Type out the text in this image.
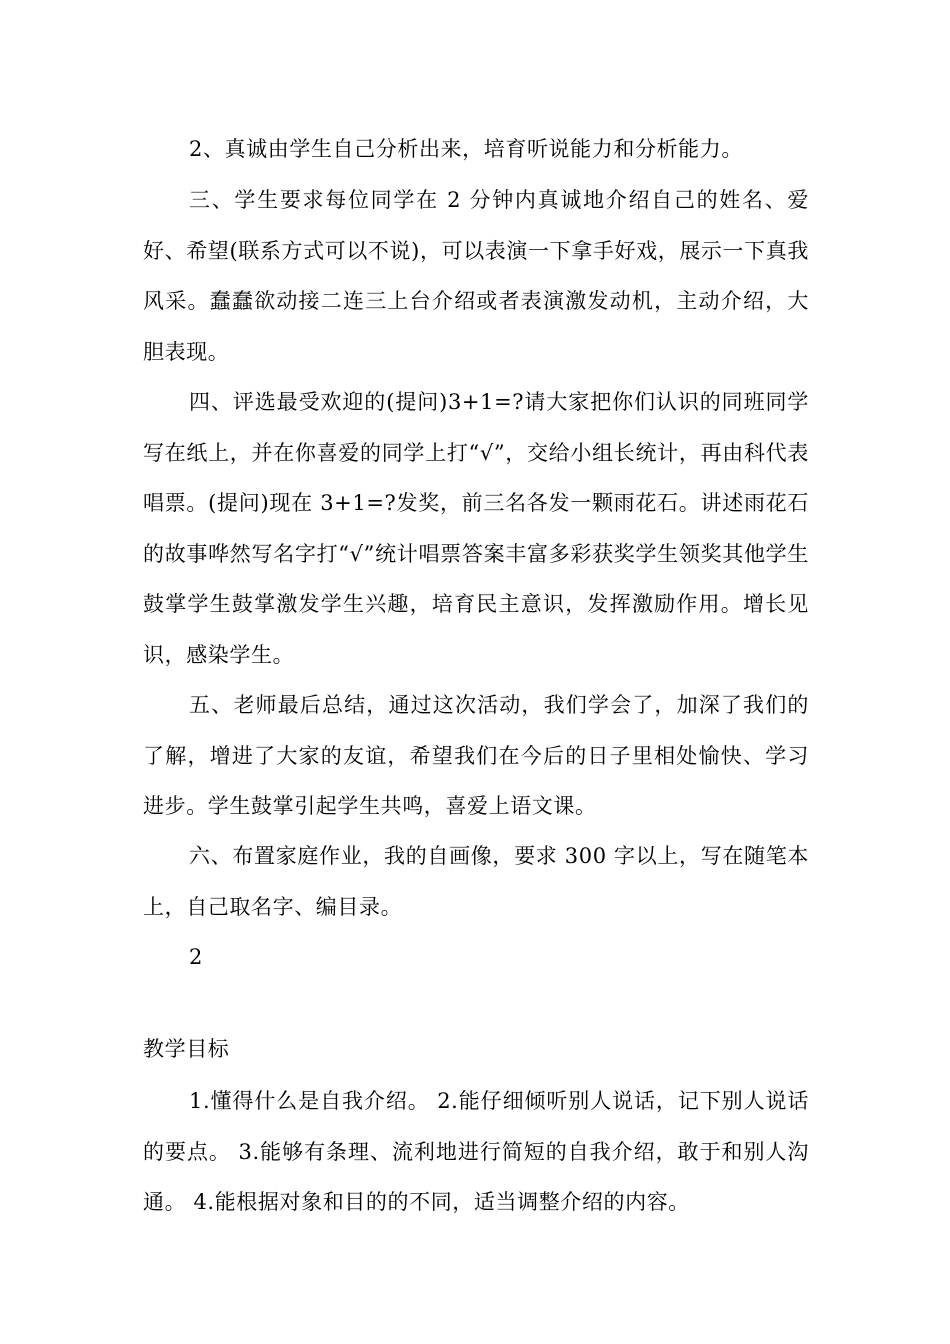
2、真诚由学生自己分析出来，培育听说能力和分析能力。

三、学生要求每位同学在 2 分钟内真诚地介绍自己的姓名、爱好、希望(联系方式可以不说)，可以表演一下拿手好戏，展示一下真我风采。蠢蠢欲动接二连三上台介绍或者表演激发动机，主动介绍，大胆表现。

四、评选最受欢迎的(提问)3+1=?请大家把你们认识的同班同学写在纸上，并在你喜爱的同学上打“√”，交给小组长统计，再由科代表唱票。(提问)现在 3+1=?发奖，前三名各发一颗雨花石。讲述雨花石的故事哗然写名字打“√”统计唱票答案丰富多彩获奖学生领奖其他学生鼓掌学生鼓掌激发学生兴趣，培育民主意识，发挥激励作用。增长见识，感染学生。

五、老师最后总结，通过这次活动，我们学会了，加深了我们的了解，增进了大家的友谊，希望我们在今后的日子里相处愉快、学习进步。学生鼓掌引起学生共鸣，喜爱上语文课。

六、布置家庭作业，我的自画像，要求 300 字以上，写在随笔本上，自己取名字、编目录。

2

教学目标

1.懂得什么是自我介绍。 2.能仔细倾听别人说话，记下别人说话的要点。 3.能够有条理、流利地进行简短的自我介绍，敢于和别人沟通。 4.能根据对象和目的的不同，适当调整介绍的内容。
